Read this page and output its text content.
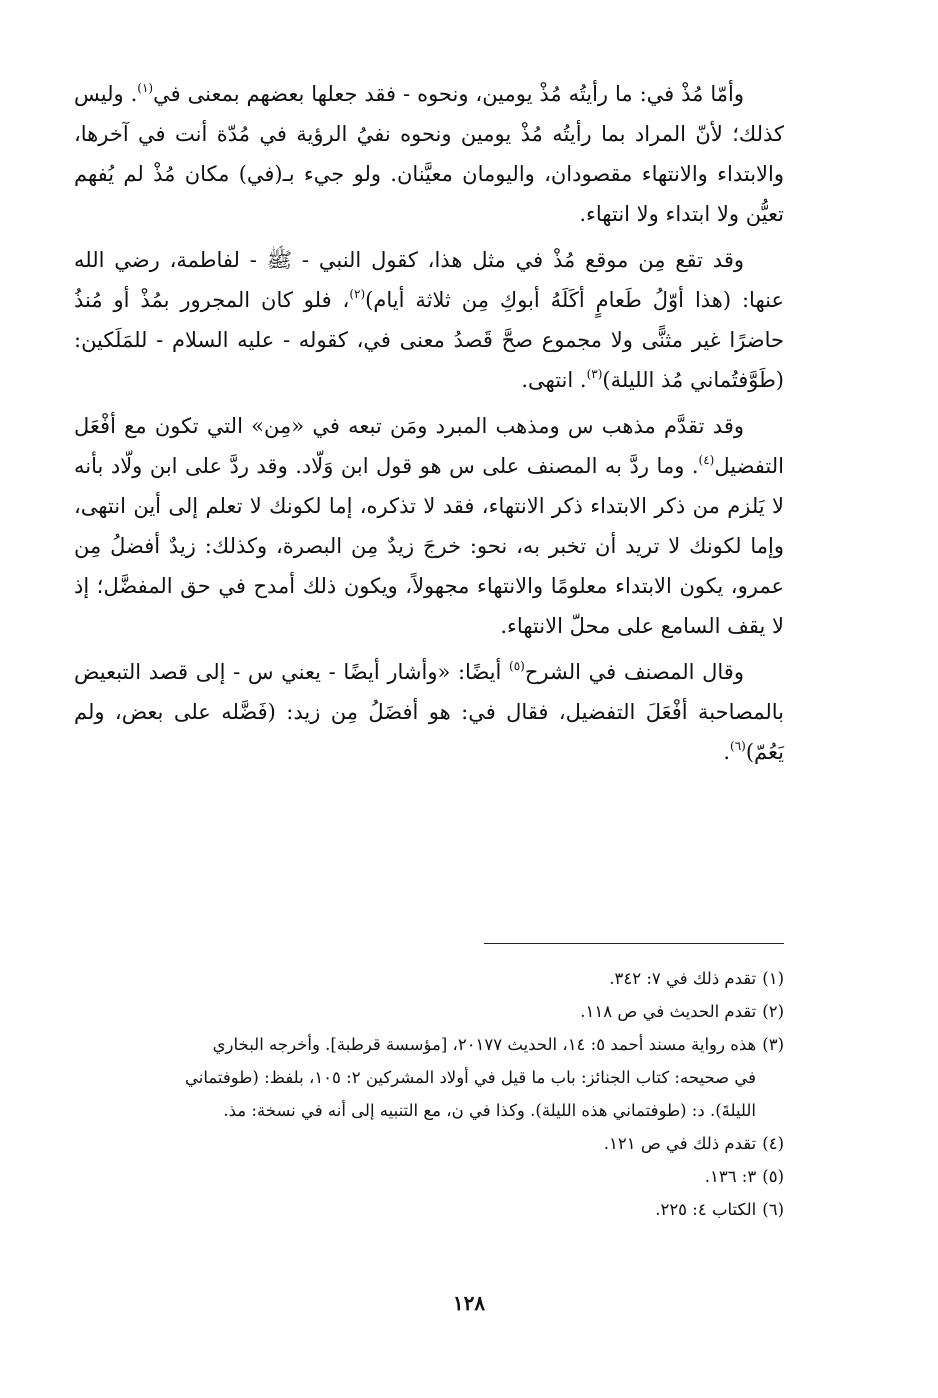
وأمّا مُذْ في: ما رأيتُه مُذْ يومين، ونحوه - فقد جعلها بعضهم بمعنى في$^{(١)}$. وليس كذلك؛ لأنّ المراد بما رأيتُه مُذْ يومين ونحوه نفيُ الرؤية في مُدّة أنت في آخرها، والابتداء والانتهاء مقصودان، واليومان معيَّنان. ولو جيء بـ(في) مكان مُذْ لم يُفهم تعيُّن ولا ابتداء ولا انتهاء.

وقد تقع مِن موقع مُذْ في مثل هذا، كقول النبي - ﷺ - لفاطمة، رضي الله عنها: (هذا أوّلُ طَعامٍ أكَلَهُ أبوكِ مِن ثلاثة أيام)$^{(٢)}$، فلو كان المجرور بمُذْ أو مُنذُ حاضرًا غير مثنًّى ولا مجموع صحَّ قَصدُ معنى في، كقوله - عليه السلام - للمَلَكين: (طَوَّفتُماني مُذ الليلة)$^{(٣)}$. انتهى.

وقد تقدَّم مذهب س ومذهب المبرد ومَن تبعه في «مِن» التي تكون مع أفْعَل التفضيل$^{(٤)}$. وما ردَّ به المصنف على س هو قول ابن وَلّاد. وقد ردَّ على ابن ولّاد بأنه لا يَلزم من ذكر الابتداء ذكر الانتهاء، فقد لا تذكره، إما لكونك لا تعلم إلى أين انتهى، وإما لكونك لا تريد أن تخبر به، نحو: خرجَ زيدٌ مِن البصرة، وكذلك: زيدٌ أفضلُ مِن عمرو، يكون الابتداء معلومًا والانتهاء مجهولاً، ويكون ذلك أمدح في حق المفضَّل؛ إذ لا يقف السامع على محلّ الانتهاء.

وقال المصنف في الشرح$^{(٥)}$ أيضًا: «وأشار أيضًا - يعني س - إلى قصد التبعيض بالمصاحبة أفْعَلَ التفضيل، فقال في: هو أفضَلُ مِن زيد: (فَضَّله على بعض، ولم يَعُمّ)$^{(٦)}$.

(١)تقدم ذلك في ٧: ٣٤٢.

(٢)تقدم الحديث في ص ١١٨.

(٣)هذه رواية مسند أحمد ٥: ١٤، الحديث ٢٠١٧٧، [مؤسسة قرطبة]. وأخرجه البخاري

في صحيحه: كتاب الجنائز: باب ما قيل في أولاد المشركين ٢: ١٠٥، بلفظ: (طوفتماني

الليلةَ). د: (طوفتماني هذه الليلة). وكذا في ن، مع التنبيه إلى أنه في نسخة: مذ.

(٤)تقدم ذلك في ص ١٢١.

(٥)٣: ١٣٦.

(٦)الكتاب ٤: ٢٢٥.

١٢٨
